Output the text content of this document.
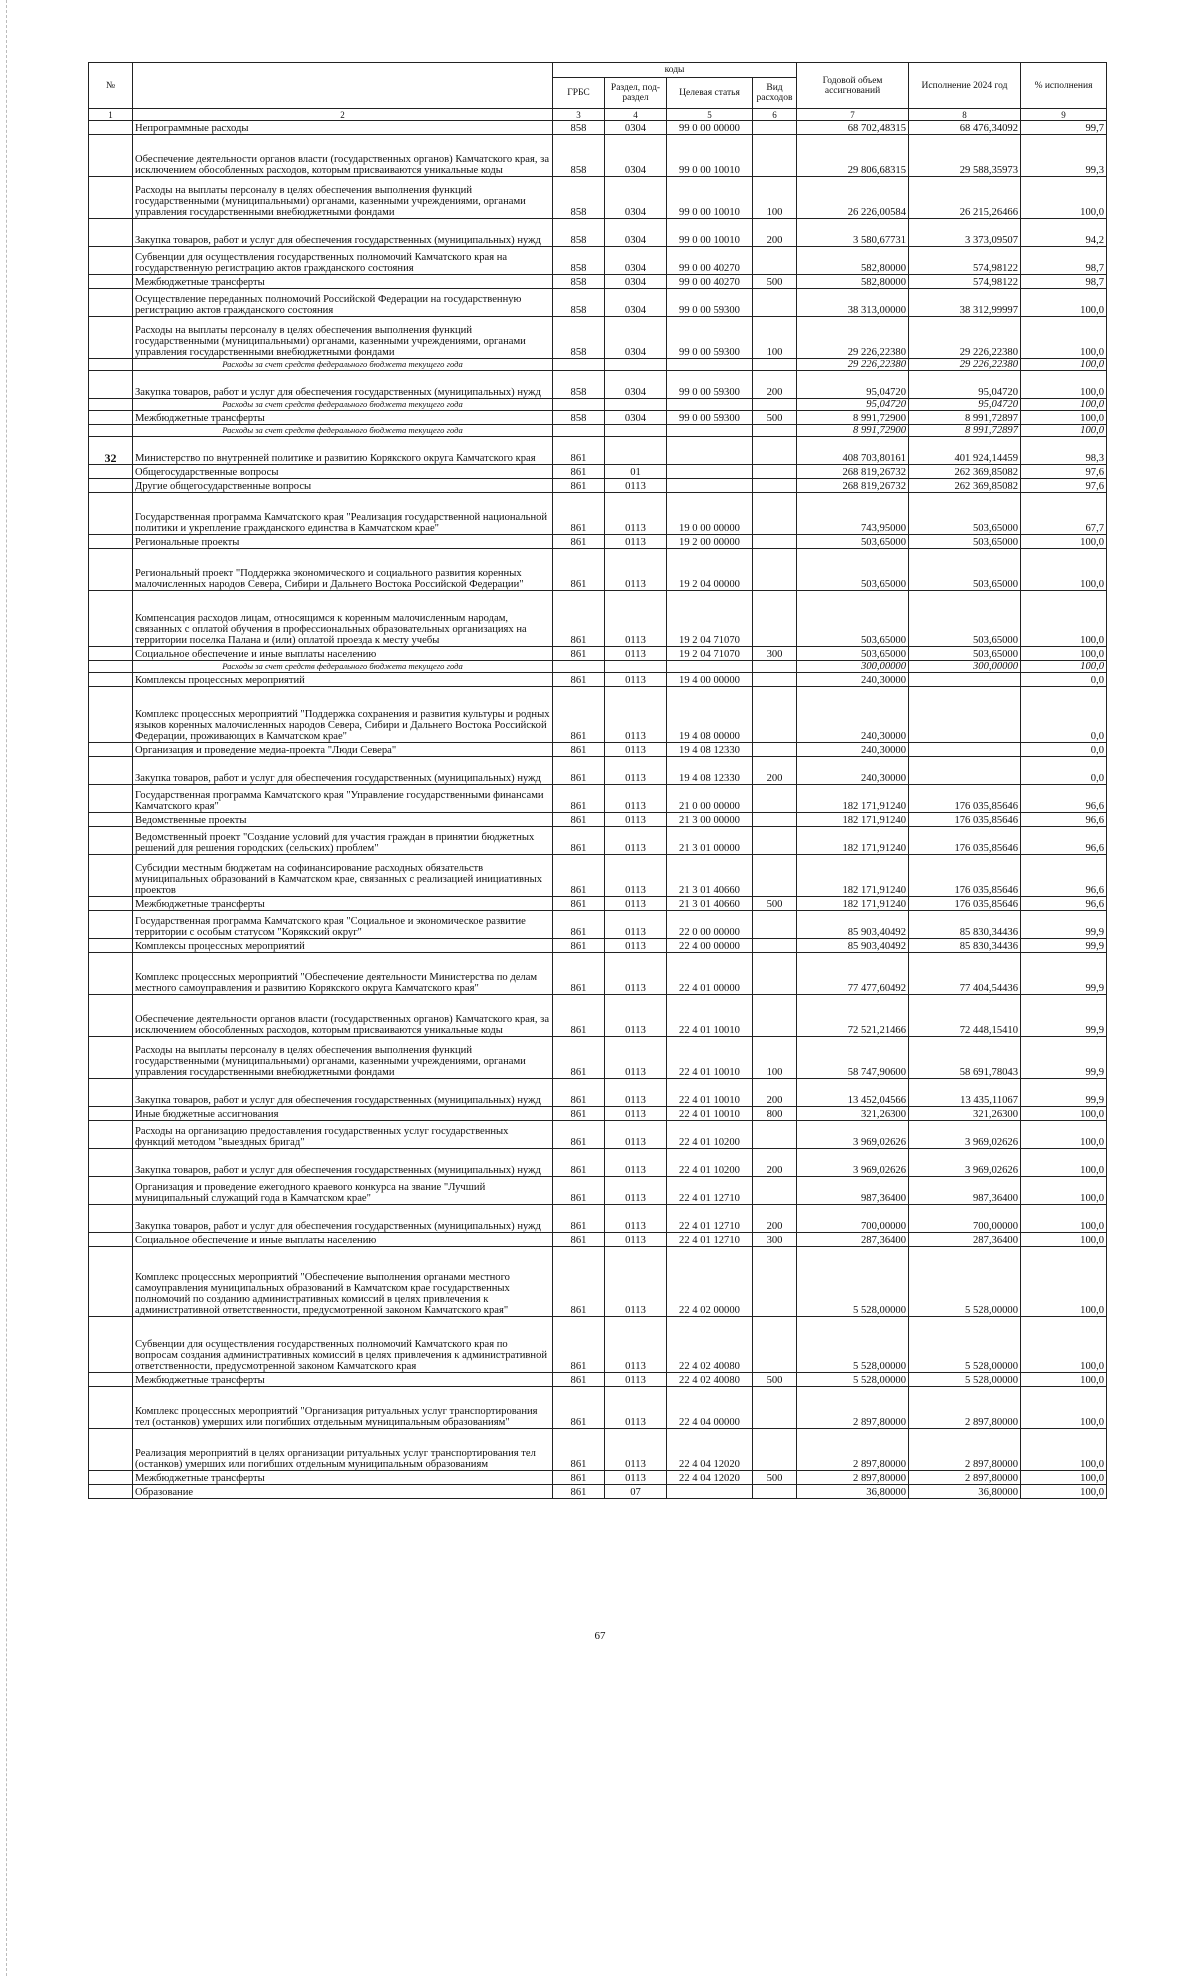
№		коды				Годовой объем ассигнований	Исполнение 2024 год	% исполнения
		ГРБС	Раздел, под-раздел	Целевая статья	Вид расходов			
1	2	3	4	5	6	7	8	9
	Непрограммные расходы	858	0304	99 0 00 00000		68 702,48315	68 476,34092	99,7
	Обеспечение деятельности органов власти (государственных органов) Камчатского края, за исключением обособленных расходов, которым присваиваются уникальные коды	858	0304	99 0 00 10010		29 806,68315	29 588,35973	99,3
	Расходы на выплаты персоналу в целях обеспечения выполнения функций государственными (муниципальными) органами, казенными учреждениями, органами управления государственными внебюджетными фондами	858	0304	99 0 00 10010	100	26 226,00584	26 215,26466	100,0
	Закупка товаров, работ и услуг для обеспечения государственных (муниципальных) нужд	858	0304	99 0 00 10010	200	3 580,67731	3 373,09507	94,2
	Субвенции для осуществления государственных полномочий Камчатского края на государственную регистрацию актов гражданского состояния	858	0304	99 0 00 40270		582,80000	574,98122	98,7
	Межбюджетные трансферты	858	0304	99 0 00 40270	500	582,80000	574,98122	98,7
	Осуществление переданных полномочий Российской Федерации на государственную регистрацию актов гражданского состояния	858	0304	99 0 00 59300		38 313,00000	38 312,99997	100,0
	Расходы на выплаты персоналу в целях обеспечения выполнения функций государственными (муниципальными) органами, казенными учреждениями, органами управления государственными внебюджетными фондами	858	0304	99 0 00 59300	100	29 226,22380	29 226,22380	100,0
	Расходы за счет средств федерального бюджета текущего года					29 226,22380	29 226,22380	100,0
	Закупка товаров, работ и услуг для обеспечения государственных (муниципальных) нужд	858	0304	99 0 00 59300	200	95,04720	95,04720	100,0
	Расходы за счет средств федерального бюджета текущего года					95,04720	95,04720	100,0
	Межбюджетные трансферты	858	0304	99 0 00 59300	500	8 991,72900	8 991,72897	100,0
	Расходы за счет средств федерального бюджета текущего года					8 991,72900	8 991,72897	100,0
32	Министерство по внутренней политике и развитию Корякского округа Камчатского края	861				408 703,80161	401 924,14459	98,3
	Общегосударственные вопросы	861	01			268 819,26732	262 369,85082	97,6
	Другие общегосударственные вопросы	861	0113			268 819,26732	262 369,85082	97,6
	Государственная программа Камчатского края "Реализация государственной национальной политики и укрепление гражданского единства в Камчатском крае"	861	0113	19 0 00 00000		743,95000	503,65000	67,7
	Региональные проекты	861	0113	19 2 00 00000		503,65000	503,65000	100,0
	Региональный проект "Поддержка экономического и социального развития коренных малочисленных народов Севера, Сибири и Дальнего Востока Российской Федерации"	861	0113	19 2 04 00000		503,65000	503,65000	100,0
	Компенсация расходов лицам, относящимся к коренным малочисленным народам, связанных с оплатой обучения в профессиональных образовательных организациях на территории поселка Палана и (или) оплатой проезда к месту учебы	861	0113	19 2 04 71070		503,65000	503,65000	100,0
	Социальное обеспечение и иные выплаты населению	861	0113	19 2 04 71070	300	503,65000	503,65000	100,0
	Расходы за счет средств федерального бюджета текущего года					300,00000	300,00000	100,0
	Комплексы процессных мероприятий	861	0113	19 4 00 00000		240,30000		0,0
	Комплекс процессных мероприятий "Поддержка сохранения и развития культуры и родных языков коренных малочисленных народов Севера, Сибири и Дальнего Востока Российской Федерации, проживающих в Камчатском крае"	861	0113	19 4 08 00000		240,30000		0,0
	Организация и проведение медиа-проекта "Люди Севера"	861	0113	19 4 08 12330		240,30000		0,0
	Закупка товаров, работ и услуг для обеспечения государственных (муниципальных) нужд	861	0113	19 4 08 12330	200	240,30000		0,0
	Государственная программа Камчатского края "Управление государственными финансами Камчатского края"	861	0113	21 0 00 00000		182 171,91240	176 035,85646	96,6
	Ведомственные проекты	861	0113	21 3 00 00000		182 171,91240	176 035,85646	96,6
	Ведомственный проект "Создание условий для участия граждан в принятии бюджетных решений для решения городских (сельских) проблем"	861	0113	21 3 01 00000		182 171,91240	176 035,85646	96,6
	Субсидии местным бюджетам на софинансирование расходных обязательств муниципальных образований в Камчатском крае, связанных с реализацией инициативных проектов	861	0113	21 3 01 40660		182 171,91240	176 035,85646	96,6
	Межбюджетные трансферты	861	0113	21 3 01 40660	500	182 171,91240	176 035,85646	96,6
	Государственная программа Камчатского края "Социальное и экономическое развитие территории с особым статусом "Корякский округ"	861	0113	22 0 00 00000		85 903,40492	85 830,34436	99,9
	Комплексы процессных мероприятий	861	0113	22 4 00 00000		85 903,40492	85 830,34436	99,9
	Комплекс процессных мероприятий "Обеспечение деятельности Министерства по делам местного самоуправления и развитию Корякского округа Камчатского края"	861	0113	22 4 01 00000		77 477,60492	77 404,54436	99,9
	Обеспечение деятельности органов власти (государственных органов) Камчатского края, за исключением обособленных расходов, которым присваиваются уникальные коды	861	0113	22 4 01 10010		72 521,21466	72 448,15410	99,9
	Расходы на выплаты персоналу в целях обеспечения выполнения функций государственными (муниципальными) органами, казенными учреждениями, органами управления государственными внебюджетными фондами	861	0113	22 4 01 10010	100	58 747,90600	58 691,78043	99,9
	Закупка товаров, работ и услуг для обеспечения государственных (муниципальных) нужд	861	0113	22 4 01 10010	200	13 452,04566	13 435,11067	99,9
	Иные бюджетные ассигнования	861	0113	22 4 01 10010	800	321,26300	321,26300	100,0
	Расходы на организацию предоставления государственных услуг государственных функций методом "выездных бригад"	861	0113	22 4 01 10200		3 969,02626	3 969,02626	100,0
	Закупка товаров, работ и услуг для обеспечения государственных (муниципальных) нужд	861	0113	22 4 01 10200	200	3 969,02626	3 969,02626	100,0
	Организация и проведение ежегодного краевого конкурса на звание "Лучший муниципальный служащий года в Камчатском крае"	861	0113	22 4 01 12710		987,36400	987,36400	100,0
	Закупка товаров, работ и услуг для обеспечения государственных (муниципальных) нужд	861	0113	22 4 01 12710	200	700,00000	700,00000	100,0
	Социальное обеспечение и иные выплаты населению	861	0113	22 4 01 12710	300	287,36400	287,36400	100,0
	Комплекс процессных мероприятий "Обеспечение выполнения органами местного самоуправления муниципальных образований в Камчатском крае государственных полномочий по созданию административных комиссий в целях привлечения к административной ответственности, предусмотренной законом Камчатского края"	861	0113	22 4 02 00000		5 528,00000	5 528,00000	100,0
	Субвенции для осуществления государственных полномочий Камчатского края по вопросам создания административных комиссий в целях привлечения к административной ответственности, предусмотренной законом Камчатского края	861	0113	22 4 02 40080		5 528,00000	5 528,00000	100,0
	Межбюджетные трансферты	861	0113	22 4 02 40080	500	5 528,00000	5 528,00000	100,0
	Комплекс процессных мероприятий "Организация ритуальных услуг транспортирования тел (останков) умерших или погибших отдельным муниципальным образованиям"	861	0113	22 4 04 00000		2 897,80000	2 897,80000	100,0
	Реализация мероприятий в целях организации ритуальных услуг транспортирования тел (останков) умерших или погибших отдельным муниципальным образованиям	861	0113	22 4 04 12020		2 897,80000	2 897,80000	100,0
	Межбюджетные трансферты	861	0113	22 4 04 12020	500	2 897,80000	2 897,80000	100,0
	Образование	861	07			36,80000	36,80000	100,0
67
